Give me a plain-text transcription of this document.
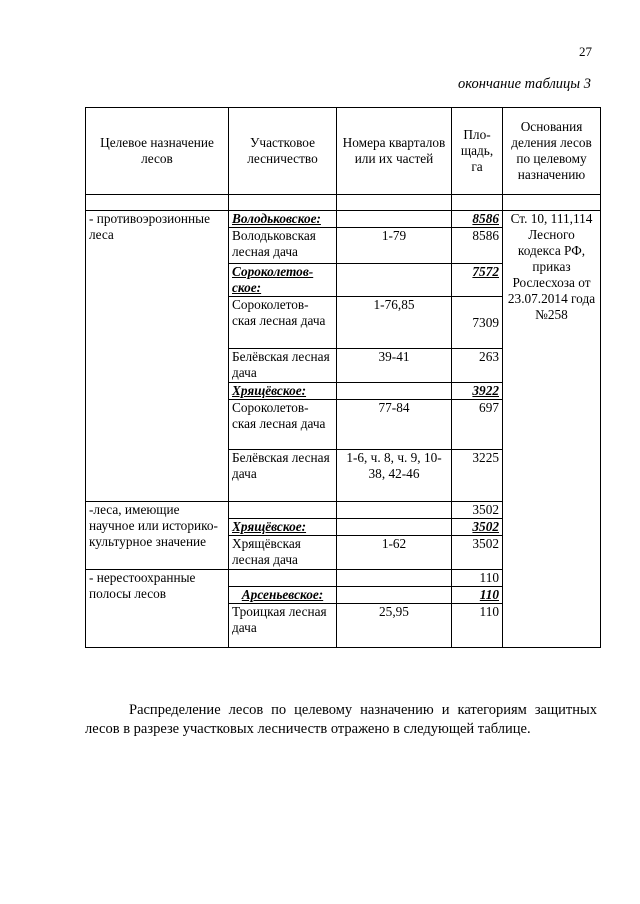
27
окончание таблицы 3
Целевое назначение лесов	Участковое лесничество	Номера кварталов или их частей	Пло- щадь, га	Основания деления лесов по целевому назначению

- противоэрозионные леса	Володьковское:		8586	Ст. 10, 111,114 Лесного кодекса РФ, приказ Рослесхоза от 23.07.2014 года №258
	Володьковская лесная дача	1-79	8586	
	Сороколетов- ское:		7572	
	Сороколетов- ская лесная дача	1-76,85	7309	
	Белёвская лесная дача	39-41	263	
	Хрящёвское:		3922	
	Сороколетов- ская лесная дача	77-84	697	
	Белёвская лесная дача	1-6, ч. 8, ч. 9, 10-38, 42-46	3225	
-леса, имеющие научное или историко- культурное значение			3502	
	Хрящёвское:		3502	
	Хрящёвская лесная дача	1-62	3502	
- нерестоохранные полосы лесов			110	
	Арсеньевское:		110	
	Троицкая лесная дача	25,95	110	

Распределение лесов по целевому назначению и категориям защитных лесов в разрезе участковых лесничеств отражено в следующей таблице.
